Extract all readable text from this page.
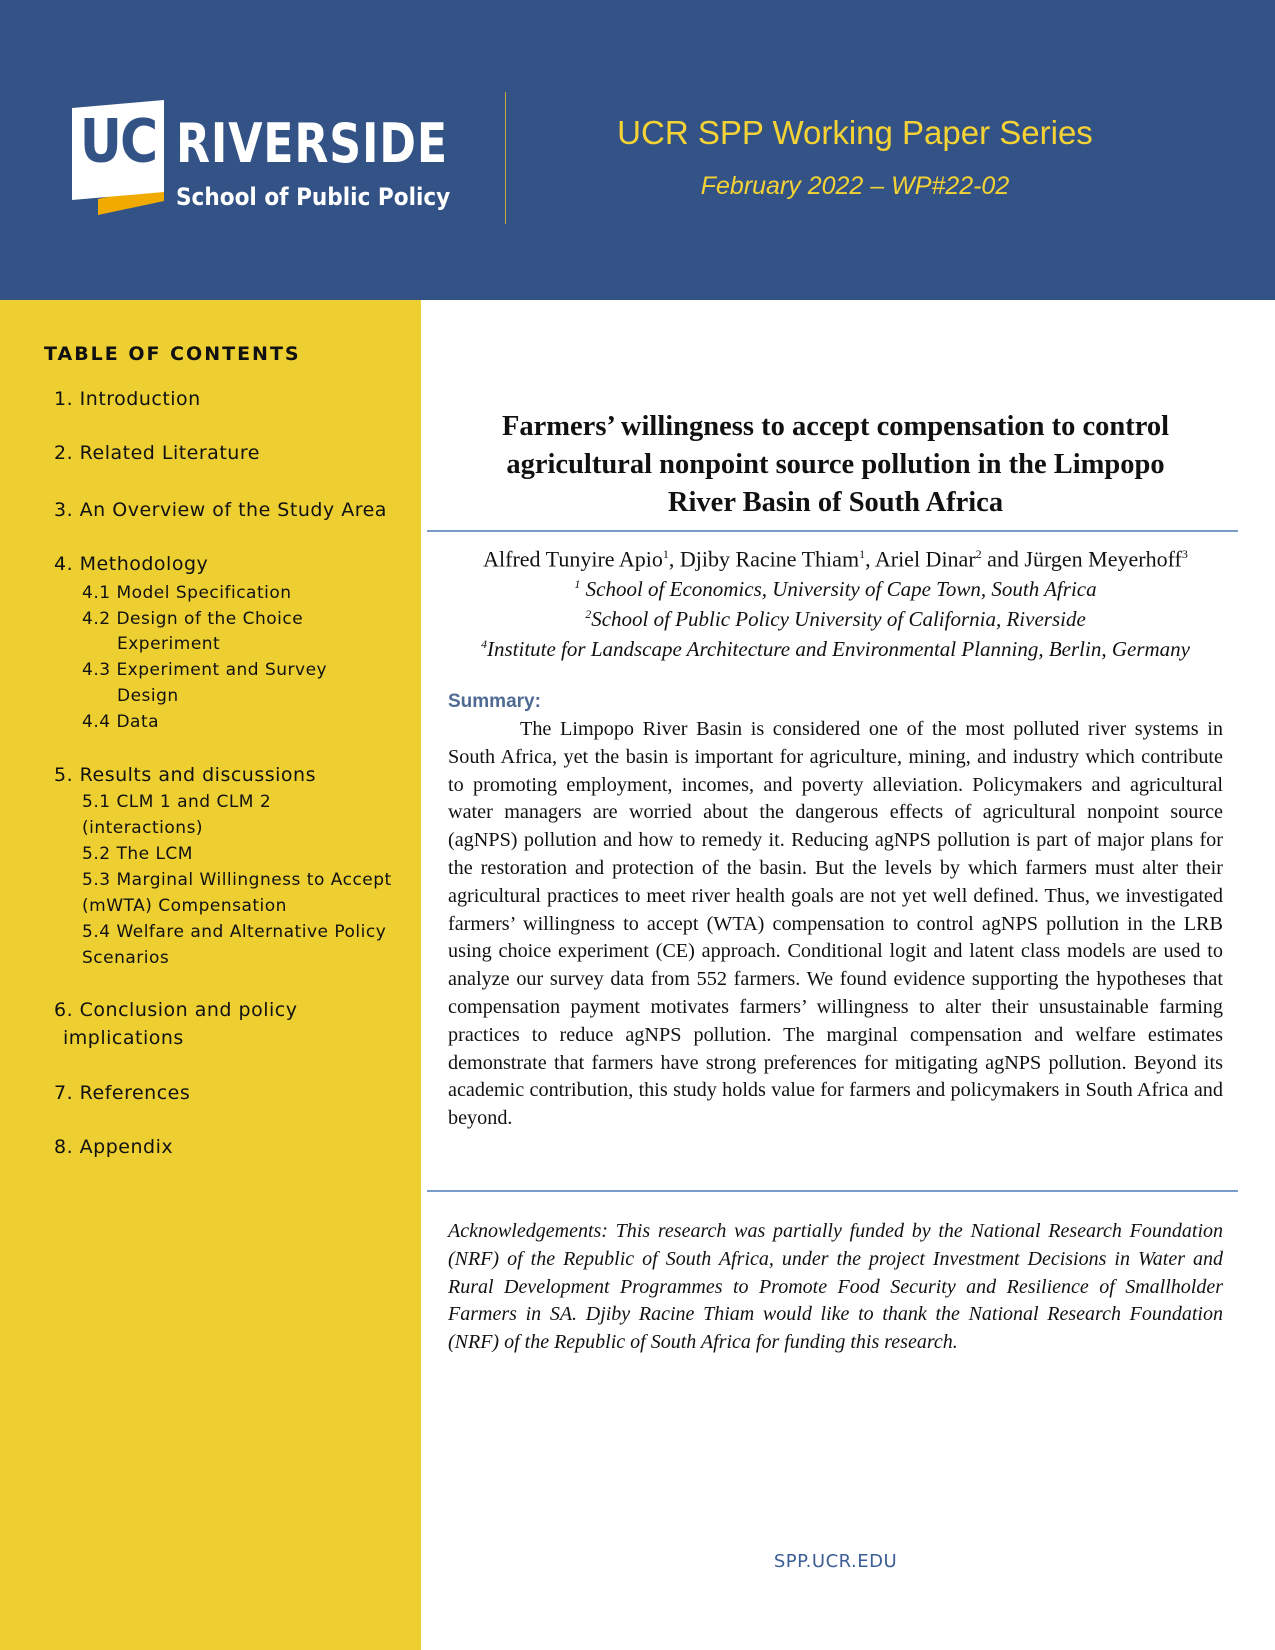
UC RIVERSIDE
School of Public Policy
UCR SPP Working Paper Series
February 2022 – WP#22-02
TABLE OF CONTENTS
1. Introduction
2. Related Literature
3. An Overview of the Study Area
4. Methodology
4.1 Model Specification
4.2 Design of the Choice
Experiment
4.3 Experiment and Survey
Design
4.4 Data
5. Results and discussions
5.1 CLM 1 and CLM 2
(interactions)
5.2 The LCM
5.3 Marginal Willingness to Accept
(mWTA) Compensation
5.4 Welfare and Alternative Policy
Scenarios
6. Conclusion and policy
implications
7. References
8. Appendix
Farmers’ willingness to accept compensation to control
agricultural nonpoint source pollution in the Limpopo
River Basin of South Africa
Alfred Tunyire Apio$^1$, Djiby Racine Thiam$^1$, Ariel Dinar$^2$ and Jürgen Meyerhoff$^3$
$^1$ School of Economics, University of Cape Town, South Africa
$^2$School of Public Policy University of California, Riverside
$^4$Institute for Landscape Architecture and Environmental Planning, Berlin, Germany
Summary:
The Limpopo River Basin is considered one of the most polluted river systems in South Africa, yet the basin is important for agriculture, mining, and industry which contribute to promoting employment, incomes, and poverty alleviation. Policymakers and agricultural water managers are worried about the dangerous effects of agricultural nonpoint source (agNPS) pollution and how to remedy it. Reducing agNPS pollution is part of major plans for the restoration and protection of the basin. But the levels by which farmers must alter their agricultural practices to meet river health goals are not yet well defined. Thus, we investigated farmers’ willingness to accept (WTA) compensation to control agNPS pollution in the LRB using choice experiment (CE) approach. Conditional logit and latent class models are used to analyze our survey data from 552 farmers. We found evidence supporting the hypotheses that compensation payment motivates farmers’ willingness to alter their unsustainable farming practices to reduce agNPS pollution. The marginal compensation and welfare estimates demonstrate that farmers have strong preferences for mitigating agNPS pollution. Beyond its academic contribution, this study holds value for farmers and policymakers in South Africa and beyond.
Acknowledgements: This research was partially funded by the National Research Foundation (NRF) of the Republic of South Africa, under the project Investment Decisions in Water and Rural Development Programmes to Promote Food Security and Resilience of Smallholder Farmers in SA. Djiby Racine Thiam would like to thank the National Research Foundation (NRF) of the Republic of South Africa for funding this research.
SPP.UCR.EDU
